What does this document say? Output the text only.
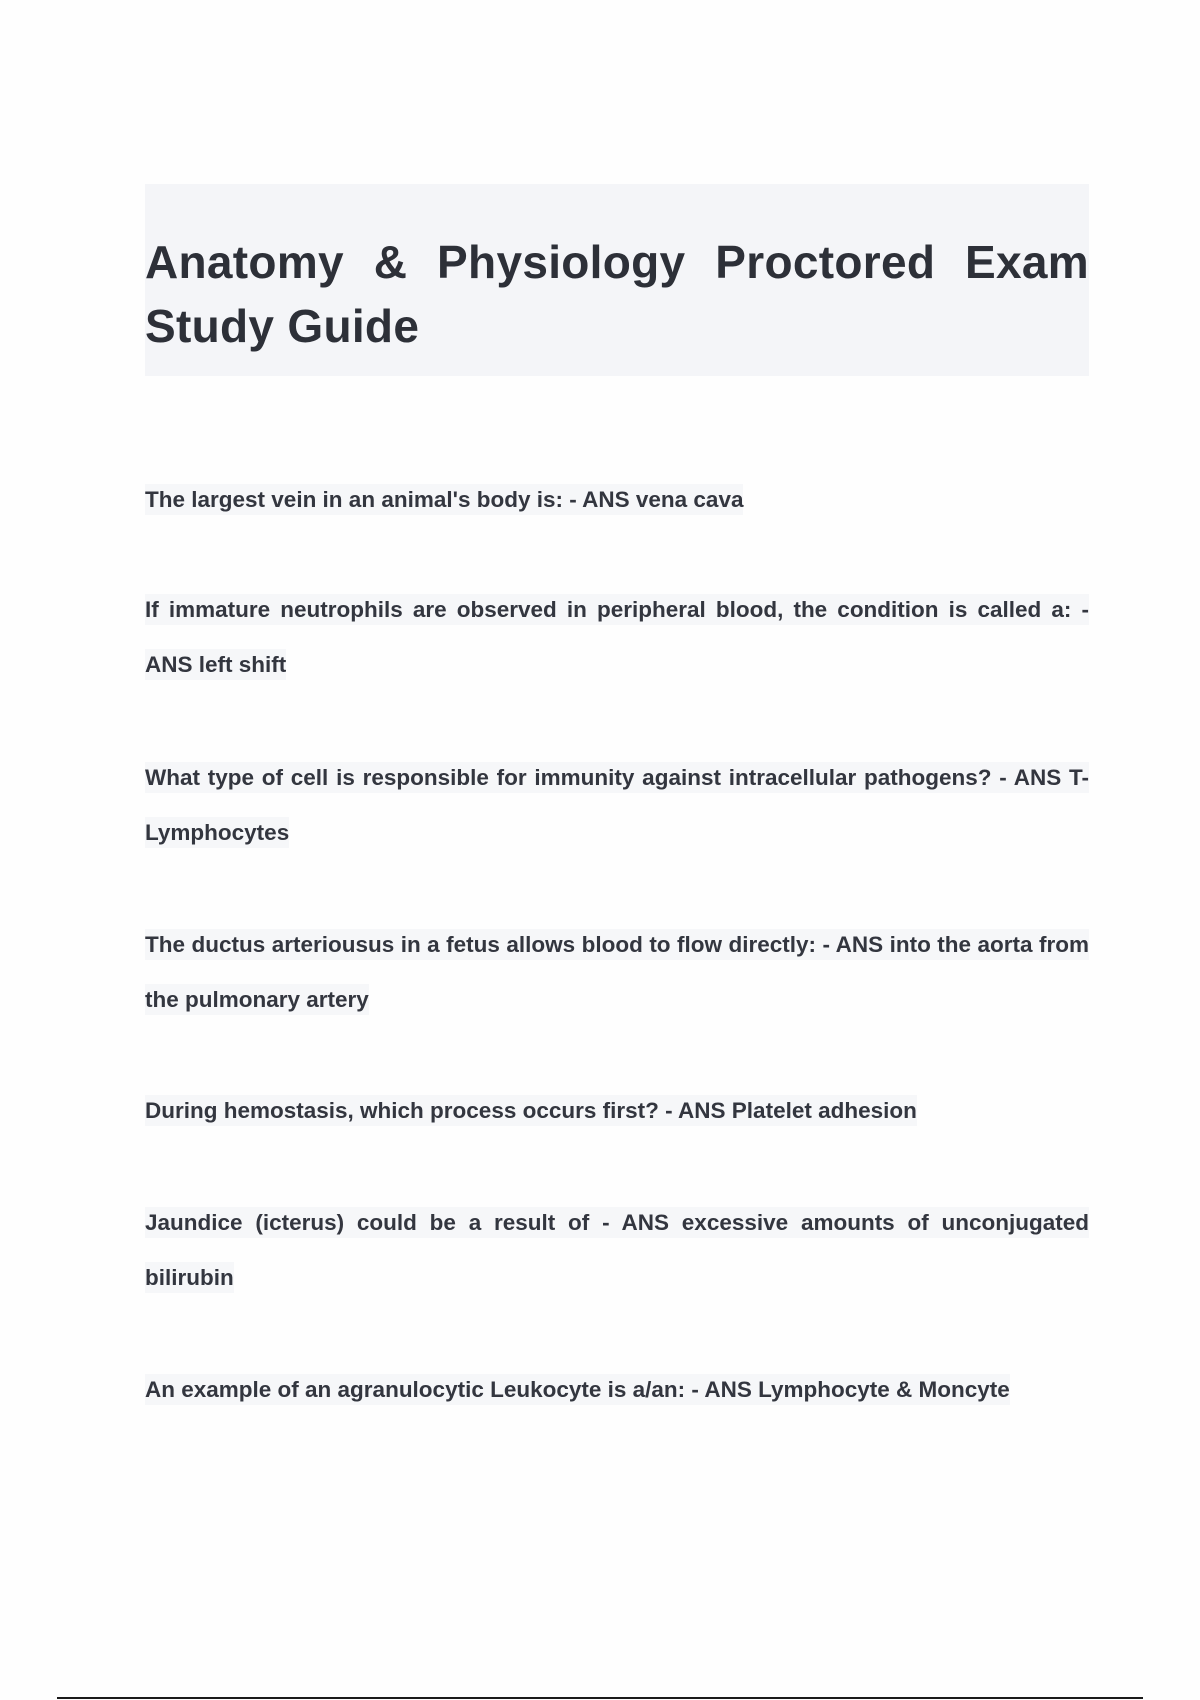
Anatomy & Physiology Proctored Exam Study Guide
The largest vein in an animal's body is: - ANS vena cava
If immature neutrophils are observed in peripheral blood, the condition is called a: - ANS left shift
What type of cell is responsible for immunity against intracellular pathogens? - ANS T-Lymphocytes
The ductus arteriousus in a fetus allows blood to flow directly: - ANS into the aorta from the pulmonary artery
During hemostasis, which process occurs first? - ANS Platelet adhesion
Jaundice (icterus) could be a result of - ANS excessive amounts of unconjugated bilirubin
An example of an agranulocytic Leukocyte is a/an: - ANS Lymphocyte & Moncyte
